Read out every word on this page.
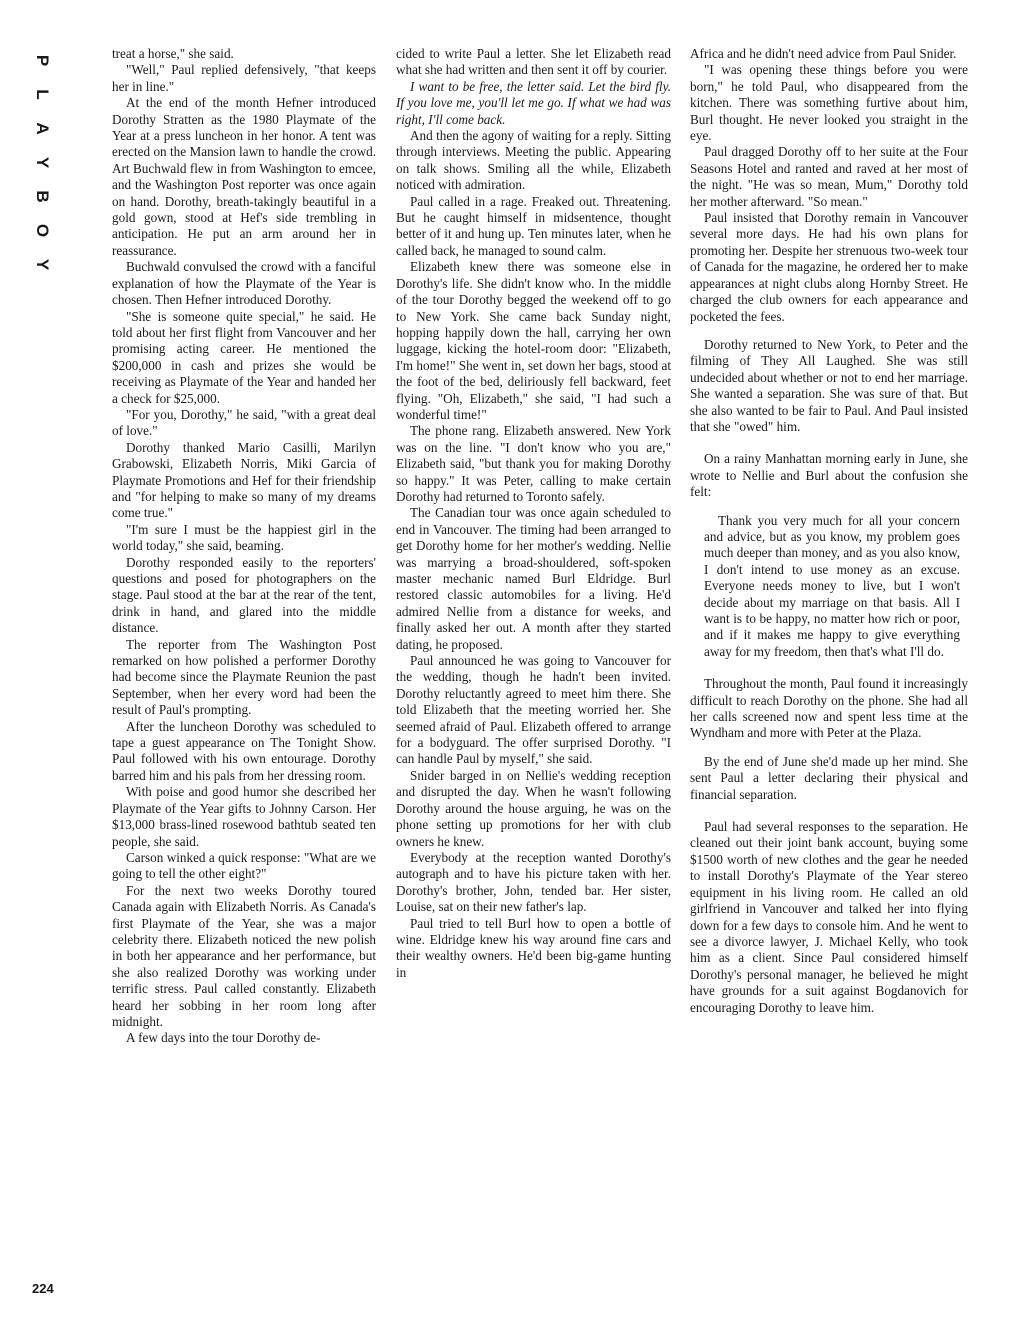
P
L
A
Y
B
O
Y
224

treat a horse," she said.

"Well," Paul replied defensively, "that keeps her in line."

At the end of the month Hefner introduced Dorothy Stratten as the 1980 Playmate of the Year at a press luncheon in her honor. A tent was erected on the Mansion lawn to handle the crowd. Art Buchwald flew in from Washington to emcee, and the Washington Post reporter was once again on hand. Dorothy, breath-takingly beautiful in a gold gown, stood at Hef's side trembling in anticipation. He put an arm around her in reassurance.

Buchwald convulsed the crowd with a fanciful explanation of how the Playmate of the Year is chosen. Then Hefner introduced Dorothy.

"She is someone quite special," he said. He told about her first flight from Vancouver and her promising acting career. He mentioned the $200,000 in cash and prizes she would be receiving as Playmate of the Year and handed her a check for $25,000.

"For you, Dorothy," he said, "with a great deal of love."

Dorothy thanked Mario Casilli, Marilyn Grabowski, Elizabeth Norris, Miki Garcia of Playmate Promotions and Hef for their friendship and "for helping to make so many of my dreams come true."

"I'm sure I must be the happiest girl in the world today," she said, beaming.

Dorothy responded easily to the reporters' questions and posed for photographers on the stage. Paul stood at the bar at the rear of the tent, drink in hand, and glared into the middle distance.

The reporter from The Washington Post remarked on how polished a performer Dorothy had become since the Playmate Reunion the past September, when her every word had been the result of Paul's prompting.

After the luncheon Dorothy was scheduled to tape a guest appearance on The Tonight Show. Paul followed with his own entourage. Dorothy barred him and his pals from her dressing room.

With poise and good humor she described her Playmate of the Year gifts to Johnny Carson. Her $13,000 brass-lined rosewood bathtub seated ten people, she said.

Carson winked a quick response: "What are we going to tell the other eight?"

For the next two weeks Dorothy toured Canada again with Elizabeth Norris. As Canada's first Playmate of the Year, she was a major celebrity there. Elizabeth noticed the new polish in both her appearance and her performance, but she also realized Dorothy was working under terrific stress. Paul called constantly. Elizabeth heard her sobbing in her room long after midnight.

A few days into the tour Dorothy de-

cided to write Paul a letter. She let Elizabeth read what she had written and then sent it off by courier.

I want to be free, the letter said. Let the bird fly. If you love me, you'll let me go. If what we had was right, I'll come back.

And then the agony of waiting for a reply. Sitting through interviews. Meeting the public. Appearing on talk shows. Smiling all the while, Elizabeth noticed with admiration.

Paul called in a rage. Freaked out. Threatening. But he caught himself in midsentence, thought better of it and hung up. Ten minutes later, when he called back, he managed to sound calm.

Elizabeth knew there was someone else in Dorothy's life. She didn't know who. In the middle of the tour Dorothy begged the weekend off to go to New York. She came back Sunday night, hopping happily down the hall, carrying her own luggage, kicking the hotel-room door: "Elizabeth, I'm home!" She went in, set down her bags, stood at the foot of the bed, deliriously fell backward, feet flying. "Oh, Elizabeth," she said, "I had such a wonderful time!"

The phone rang. Elizabeth answered. New York was on the line. "I don't know who you are," Elizabeth said, "but thank you for making Dorothy so happy." It was Peter, calling to make certain Dorothy had returned to Toronto safely.

The Canadian tour was once again scheduled to end in Vancouver. The timing had been arranged to get Dorothy home for her mother's wedding. Nellie was marrying a broad-shouldered, soft-spoken master mechanic named Burl Eldridge. Burl restored classic automobiles for a living. He'd admired Nellie from a distance for weeks, and finally asked her out. A month after they started dating, he proposed.

Paul announced he was going to Vancouver for the wedding, though he hadn't been invited. Dorothy reluctantly agreed to meet him there. She told Elizabeth that the meeting worried her. She seemed afraid of Paul. Elizabeth offered to arrange for a bodyguard. The offer surprised Dorothy. "I can handle Paul by myself," she said.

Snider barged in on Nellie's wedding reception and disrupted the day. When he wasn't following Dorothy around the house arguing, he was on the phone setting up promotions for her with club owners he knew.

Everybody at the reception wanted Dorothy's autograph and to have his picture taken with her. Dorothy's brother, John, tended bar. Her sister, Louise, sat on their new father's lap.

Paul tried to tell Burl how to open a bottle of wine. Eldridge knew his way around fine cars and their wealthy owners. He'd been big-game hunting in

Africa and he didn't need advice from Paul Snider.

"I was opening these things before you were born," he told Paul, who disappeared from the kitchen. There was something furtive about him, Burl thought. He never looked you straight in the eye.

Paul dragged Dorothy off to her suite at the Four Seasons Hotel and ranted and raved at her most of the night. "He was so mean, Mum," Dorothy told her mother afterward. "So mean."

Paul insisted that Dorothy remain in Vancouver several more days. He had his own plans for promoting her. Despite her strenuous two-week tour of Canada for the magazine, he ordered her to make appearances at night clubs along Hornby Street. He charged the club owners for each appearance and pocketed the fees.

Dorothy returned to New York, to Peter and the filming of They All Laughed. She was still undecided about whether or not to end her marriage. She wanted a separation. She was sure of that. But she also wanted to be fair to Paul. And Paul insisted that she "owed" him.

On a rainy Manhattan morning early in June, she wrote to Nellie and Burl about the confusion she felt:

Thank you very much for all your concern and advice, but as you know, my problem goes much deeper than money, and as you also know, I don't intend to use money as an excuse. Everyone needs money to live, but I won't decide about my marriage on that basis. All I want is to be happy, no matter how rich or poor, and if it makes me happy to give everything away for my freedom, then that's what I'll do.

Throughout the month, Paul found it increasingly difficult to reach Dorothy on the phone. She had all her calls screened now and spent less time at the Wyndham and more with Peter at the Plaza.

By the end of June she'd made up her mind. She sent Paul a letter declaring their physical and financial separation.

Paul had several responses to the separation. He cleaned out their joint bank account, buying some $1500 worth of new clothes and the gear he needed to install Dorothy's Playmate of the Year stereo equipment in his living room. He called an old girlfriend in Vancouver and talked her into flying down for a few days to console him. And he went to see a divorce lawyer, J. Michael Kelly, who took him as a client. Since Paul considered himself Dorothy's personal manager, he believed he might have grounds for a suit against Bogdanovich for encouraging Dorothy to leave him.
